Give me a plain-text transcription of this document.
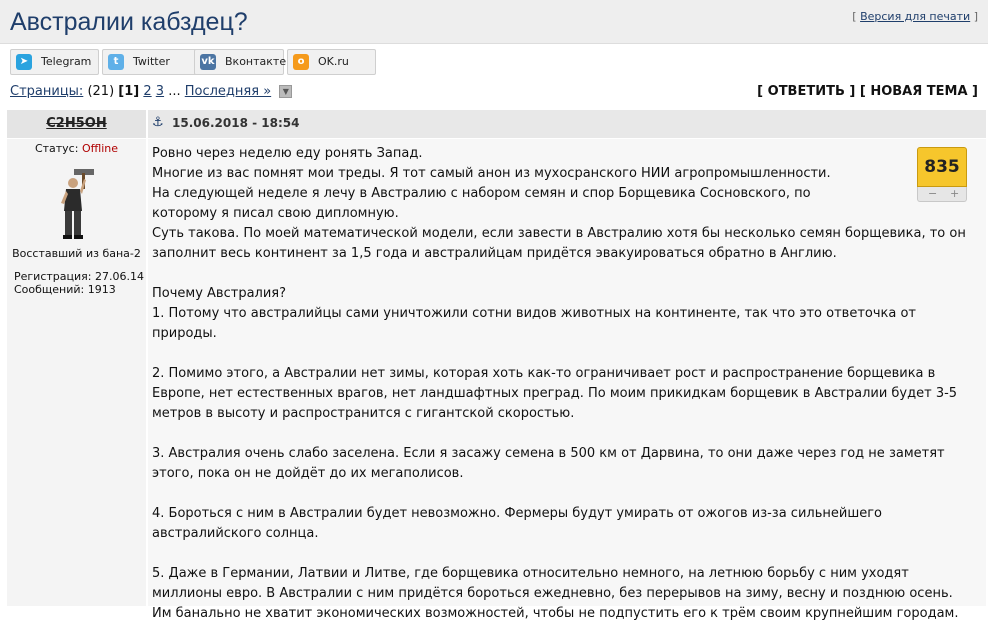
Австралии кабздец?	[ Версия для печати ]
➤	Telegram	t	Twitter	vk Вконтакте	o	OK.ru
Страницы: (21) [1] 2 3 ... Последняя » ▼	[ ОТВЕТИТЬ ] [ НОВАЯ ТЕМА ]
C2H5OH	⚓ 15.06.2018 - 18:54
Статус: Offline
Восставший из бана-2
Регистрация: 27.06.14
Сообщений: 1913
835
− +

Ровно через неделю еду ронять Запад.

Многие из вас помнят мои треды. Я тот самый анон из мухосранского НИИ агропромышленности. На следующей неделе я лечу в Австралию с набором семян и спор Борщевика Сосновского, по которому я писал свою дипломную.

Суть такова. По моей математической модели, если завести в Австралию хотя бы несколько семян борщевика, то он заполнит весь континент за 1,5 года и австралийцам придётся эвакуироваться обратно в Англию.

Почему Австралия?

1. Потому что австралийцы сами уничтожили сотни видов животных на континенте, так что это ответочка от природы.

2. Помимо этого, а Австралии нет зимы, которая хоть как-то ограничивает рост и распространение борщевика в Европе, нет естественных врагов, нет ландшафтных преград. По моим прикидкам борщевик в Австралии будет 3-5 метров в высоту и распространится с гигантской скоростью.

3. Австралия очень слабо заселена. Если я засажу семена в 500 км от Дарвина, то они даже через год не заметят этого, пока он не дойдёт до их мегаполисов.

4. Бороться с ним в Австралии будет невозможно. Фермеры будут умирать от ожогов из-за сильнейшего австралийского солнца.

5. Даже в Германии, Латвии и Литве, где борщевика относительно немного, на летнюю борьбу с ним уходят миллионы евро. В Австралии с ним придётся бороться ежедневно, без перерывов на зиму, весну и позднюю осень. Им банально не хватит экономических возможностей, чтобы не подпустить его к трём своим крупнейшим городам.
